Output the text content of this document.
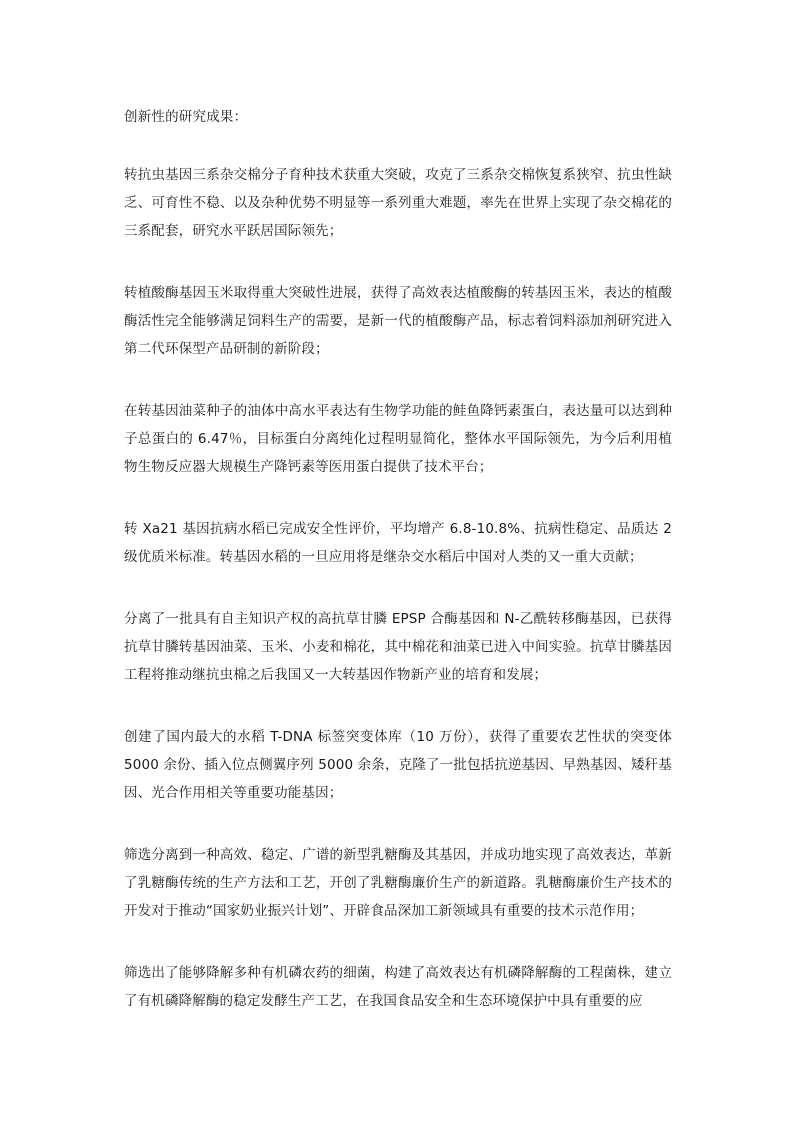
创新性的研究成果：

转抗虫基因三系杂交棉分子育种技术获重大突破，攻克了三系杂交棉恢复系狭窄、抗虫性缺乏、可育性不稳、以及杂种优势不明显等一系列重大难题，率先在世界上实现了杂交棉花的三系配套，研究水平跃居国际领先；

转植酸酶基因玉米取得重大突破性进展，获得了高效表达植酸酶的转基因玉米，表达的植酸酶活性完全能够满足饲料生产的需要，是新一代的植酸酶产品，标志着饲料添加剂研究进入第二代环保型产品研制的新阶段；

在转基因油菜种子的油体中高水平表达有生物学功能的鲑鱼降钙素蛋白，表达量可以达到种子总蛋白的 6.47％，目标蛋白分离纯化过程明显简化，整体水平国际领先，为今后利用植物生物反应器大规模生产降钙素等医用蛋白提供了技术平台；

转 Xa21 基因抗病水稻已完成安全性评价，平均增产 6.8-10.8%、抗病性稳定、品质达 2级优质米标准。转基因水稻的一旦应用将是继杂交水稻后中国对人类的又一重大贡献；

分离了一批具有自主知识产权的高抗草甘膦 EPSP 合酶基因和 N-乙酰转移酶基因，已获得抗草甘膦转基因油菜、玉米、小麦和棉花，其中棉花和油菜已进入中间实验。抗草甘膦基因工程将推动继抗虫棉之后我国又一大转基因作物新产业的培育和发展；

创建了国内最大的水稻 T-DNA 标签突变体库（10 万份），获得了重要农艺性状的突变体 5000 余份、插入位点侧翼序列 5000 余条，克隆了一批包括抗逆基因、早熟基因、矮秆基因、光合作用相关等重要功能基因；

筛选分离到一种高效、稳定、广谱的新型乳糖酶及其基因，并成功地实现了高效表达，革新了乳糖酶传统的生产方法和工艺，开创了乳糖酶廉价生产的新道路。乳糖酶廉价生产技术的开发对于推动“国家奶业振兴计划”、开辟食品深加工新领域具有重要的技术示范作用；

筛选出了能够降解多种有机磷农药的细菌，构建了高效表达有机磷降解酶的工程菌株，建立了有机磷降解酶的稳定发酵生产工艺，在我国食品安全和生态环境保护中具有重要的应
